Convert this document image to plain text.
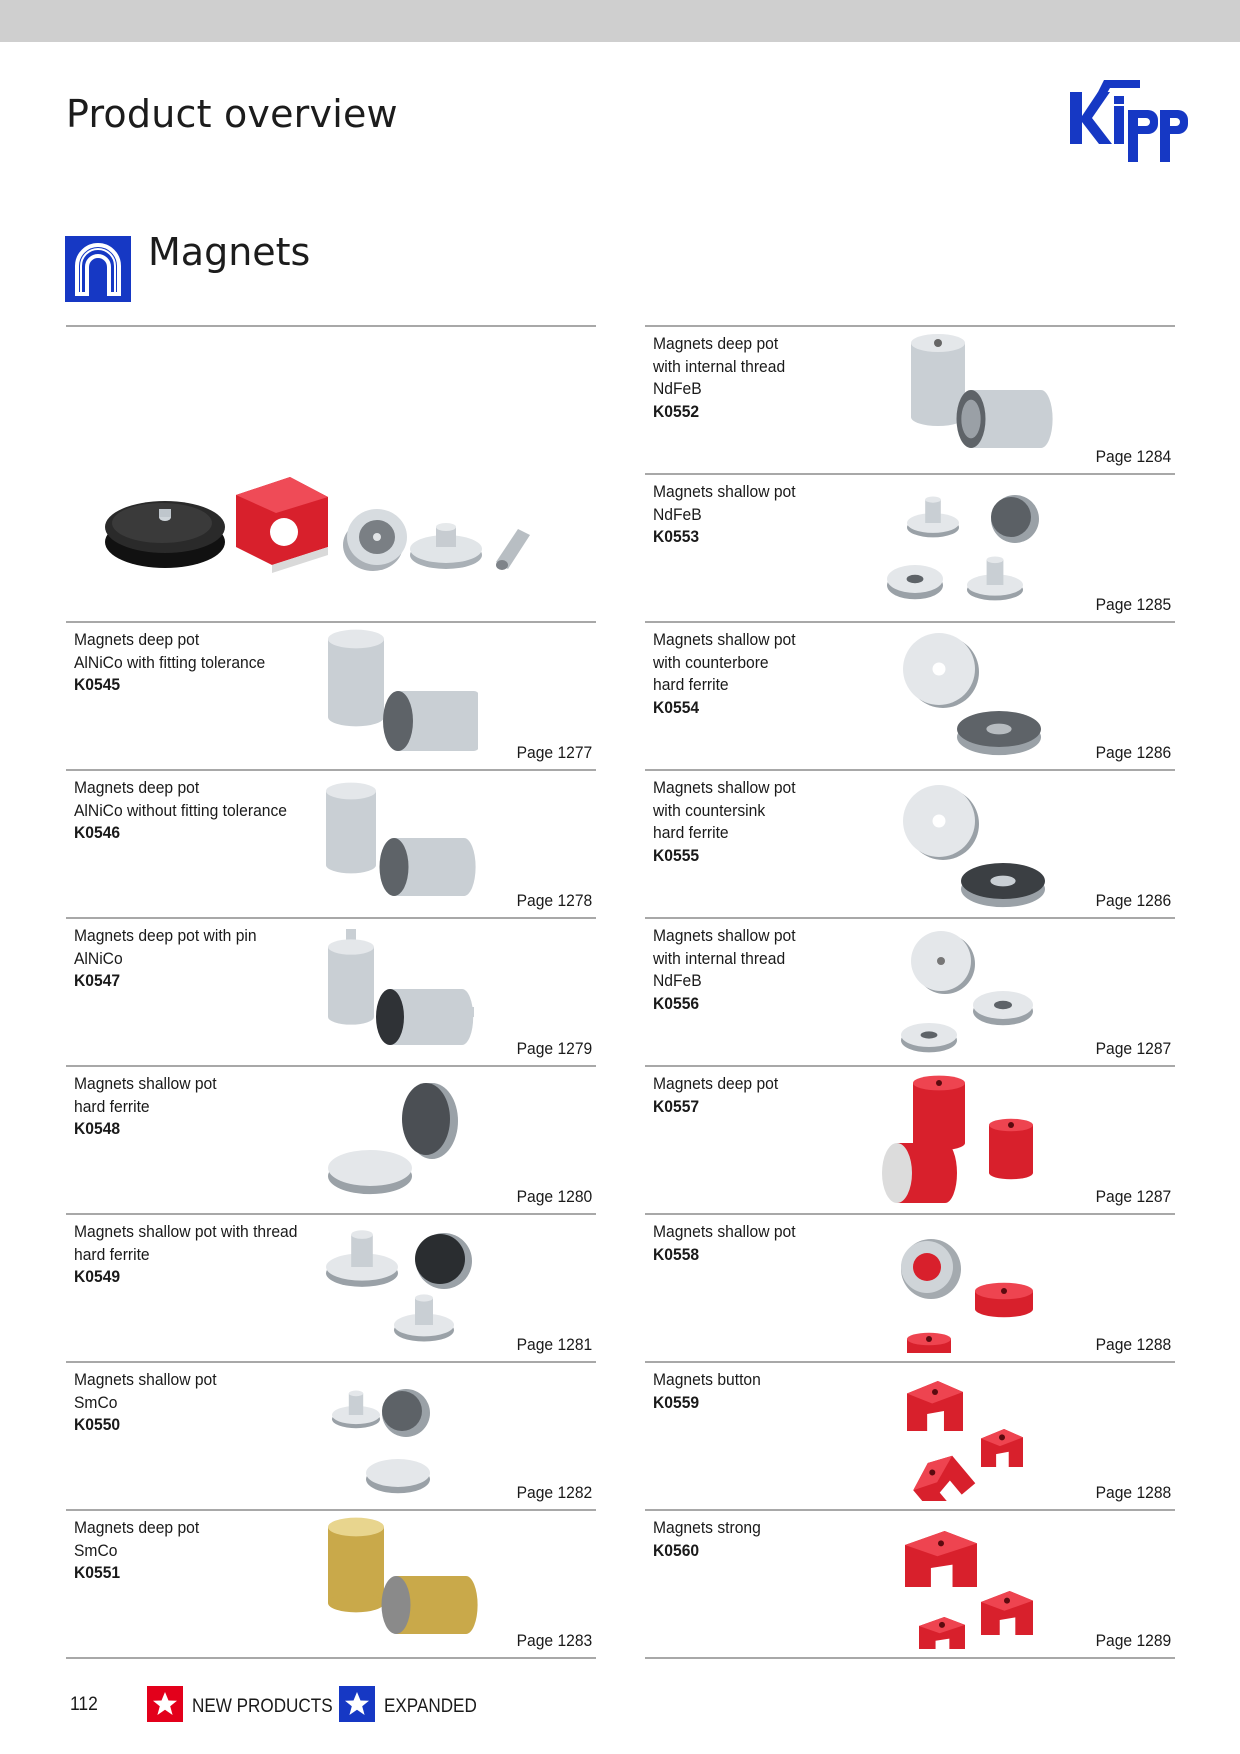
Product overview
Magnets
Magnets deep pot
AlNiCo with fitting tolerance
K0545
Page 1277
Magnets deep pot
AlNiCo without fitting tolerance
K0546
Page 1278
Magnets deep pot with pin
AlNiCo
K0547
Page 1279
Magnets shallow pot
hard ferrite
K0548
Page 1280
Magnets shallow pot with thread
hard ferrite
K0549
Page 1281
Magnets shallow pot
SmCo
K0550
Page 1282
Magnets deep pot
SmCo
K0551
Page 1283
Magnets deep pot
with internal thread
NdFeB
K0552
Page 1284
Magnets shallow pot
NdFeB
K0553
Page 1285
Magnets shallow pot
with counterbore
hard ferrite
K0554
Page 1286
Magnets shallow pot
with countersink
hard ferrite
K0555
Page 1286
Magnets shallow pot
with internal thread
NdFeB
K0556
Page 1287
Magnets deep pot
K0557
Page 1287
Magnets shallow pot
K0558
Page 1288
Magnets button
K0559
Page 1288
Magnets strong
K0560
Page 1289
112	NEW PRODUCTS	EXPANDED
